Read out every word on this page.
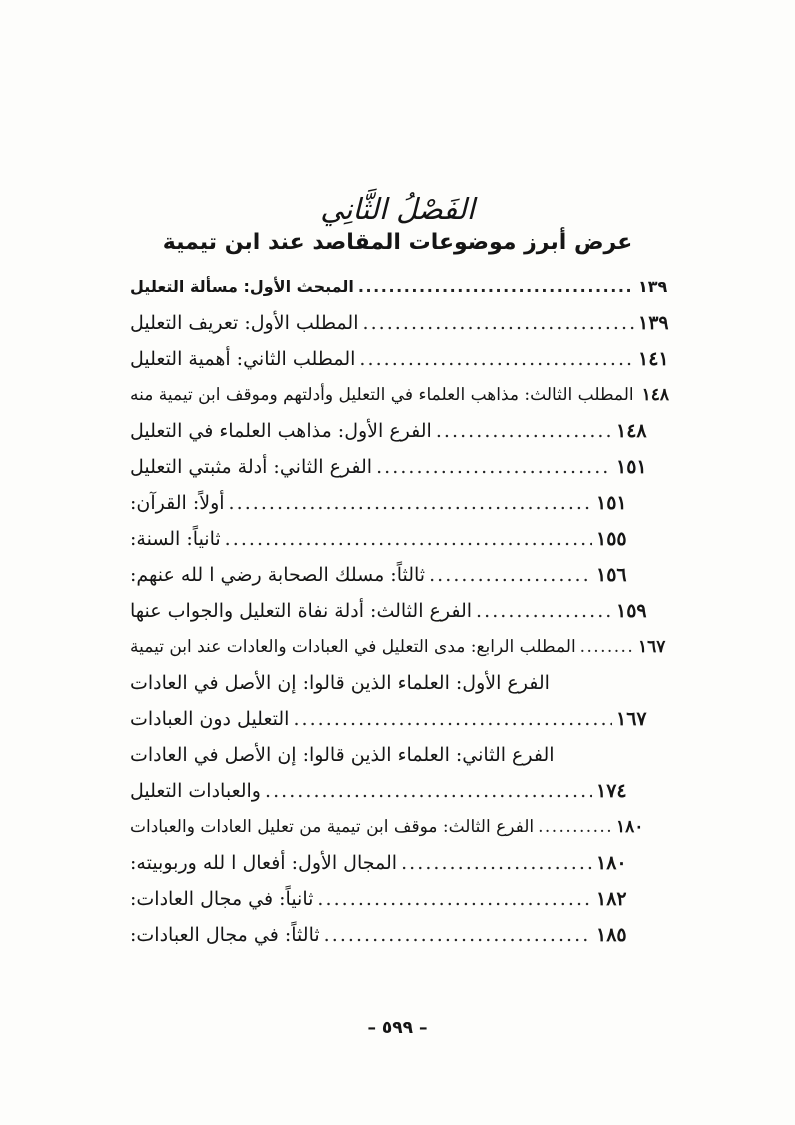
الفَصْلُ الثَّانِي
عرض أبرز موضوعات المقاصد عند ابن تيمية
المبحث الأول: مسألة التعليل . . .	١٣٩
المطلب الأول: تعريف التعليل . . .	١٣٩
المطلب الثاني: أهمية التعليل . . .	١٤١
المطلب الثالث: مذاهب العلماء في التعليل وأدلتهم وموقف ابن تيمية منه ١٤٨
الفرع الأول: مذاهب العلماء في التعليل . . .	١٤٨
الفرع الثاني: أدلة مثبتي التعليل . . .	١٥١
أولاً: القرآن: . . .	١٥١
ثانياً: السنة: . . .	١٥٥
ثالثاً: مسلك الصحابة رضي ا لله عنهم: . . .	١٥٦
الفرع الثالث: أدلة نفاة التعليل والجواب عنها . . .	١٥٩
المطلب الرابع: مدى التعليل في العبادات والعادات عند ابن تيمية . . .	١٦٧
الفرع الأول: العلماء الذين قالوا: إن الأصل في العادات
التعليل دون العبادات . . .	١٦٧
الفرع الثاني: العلماء الذين قالوا: إن الأصل في العادات
والعبادات التعليل . . .	١٧٤
الفرع الثالث: موقف ابن تيمية من تعليل العادات والعبادات . . .	١٨٠
المجال الأول: أفعال ا لله وربوبيته: . . .	١٨٠
ثانياً: في مجال العادات: . . .	١٨٢
ثالثاً: في مجال العبادات: . . .	١٨٥
– ٥٩٩ –
